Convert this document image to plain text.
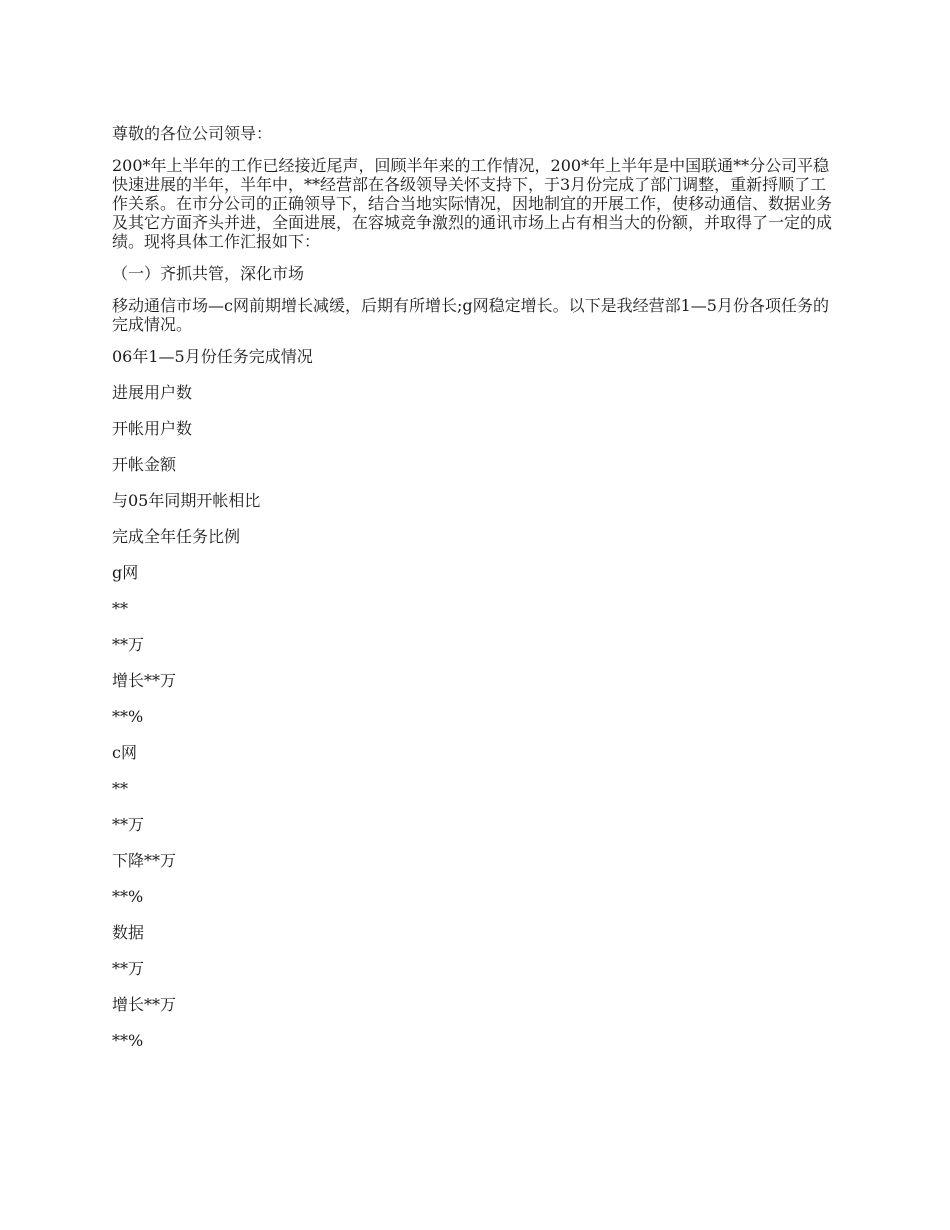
尊敬的各位公司领导：

200*年上半年的工作已经接近尾声，回顾半年来的工作情况，200*年上半年是中国联通**分公司平稳快速进展的半年，半年中，**经营部在各级领导关怀支持下，于3月份完成了部门调整，重新捋顺了工作关系。在市分公司的正确领导下，结合当地实际情况，因地制宜的开展工作，使移动通信、数据业务及其它方面齐头并进，全面进展，在容城竞争激烈的通讯市场上占有相当大的份额，并取得了一定的成绩。现将具体工作汇报如下：

（一）齐抓共管，深化市场

移动通信市场—c网前期增长减缓，后期有所增长;g网稳定增长。以下是我经营部1—5月份各项任务的完成情况。

06年1—5月份任务完成情况

进展用户数

开帐用户数

开帐金额

与05年同期开帐相比

完成全年任务比例

g网

**

**万

增长**万

**%

c网

**

**万

下降**万

**%

数据

**万

增长**万

**%
